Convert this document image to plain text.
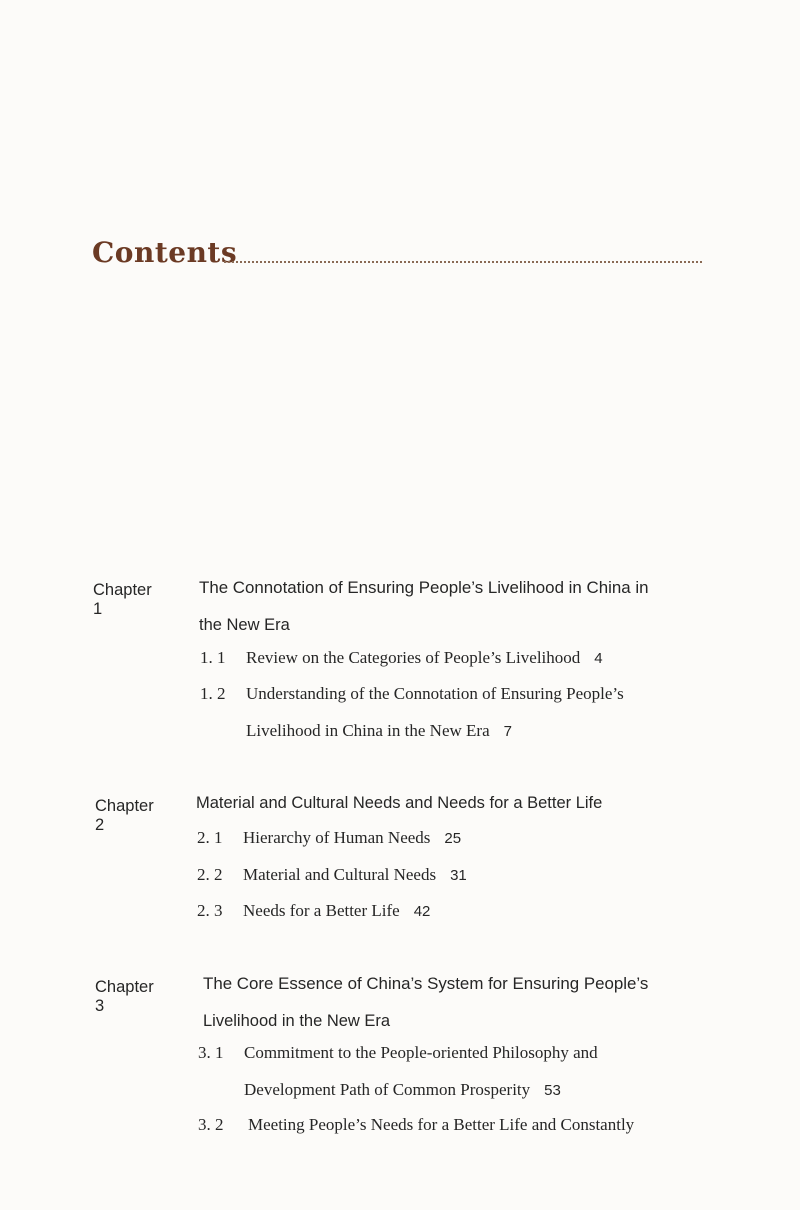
Contents
Chapter 1
The Connotation of Ensuring People’s Livelihood in China in
the New Era
1. 1 Review on the Categories of People’s Livelihood 4
1. 2 Understanding of the Connotation of Ensuring People’s
Livelihood in China in the New Era 7
Chapter 2
Material and Cultural Needs and Needs for a Better Life
2. 1 Hierarchy of Human Needs 25
2. 2 Material and Cultural Needs 31
2. 3 Needs for a Better Life 42
Chapter 3
The Core Essence of China’s System for Ensuring People’s
Livelihood in the New Era
3. 1 Commitment to the People-oriented Philosophy and
Development Path of Common Prosperity 53
3. 2 Meeting People’s Needs for a Better Life and Constantly
